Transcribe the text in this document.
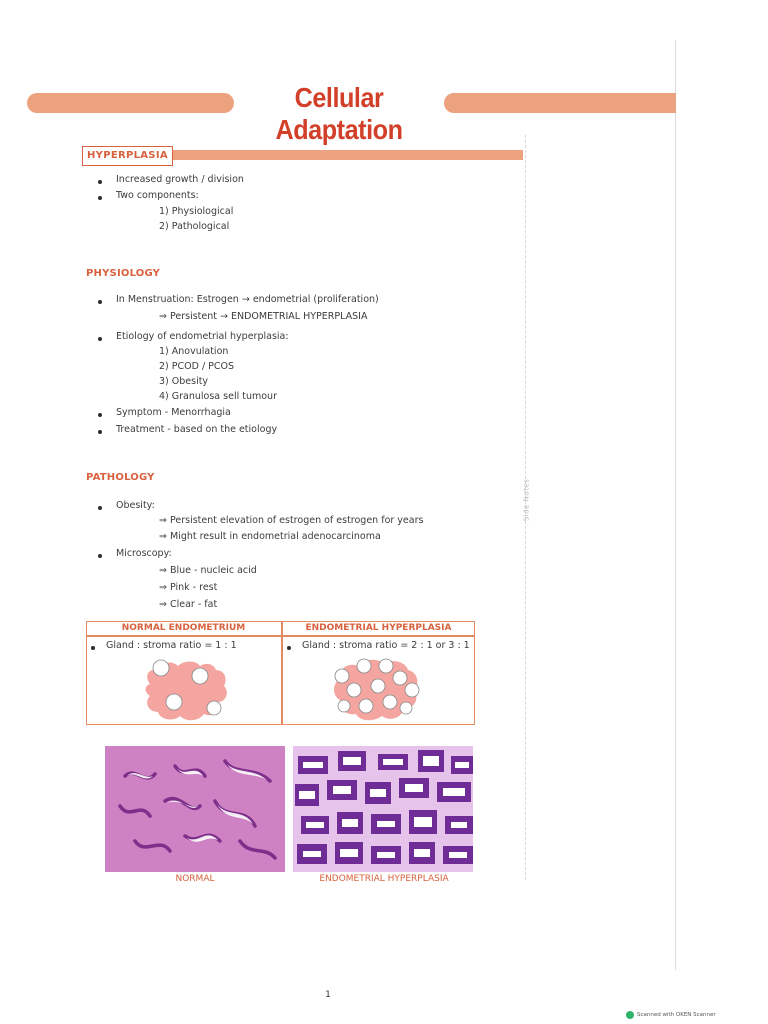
Side Notes
Cellular Adaptation
HYPERPLASIA
Increased growth / division
Two components:
1) Physiological
2) Pathological
PHYSIOLOGY
In Menstruation: Estrogen → endometrial (proliferation)
⇒ Persistent → ENDOMETRIAL HYPERPLASIA
Etiology of endometrial hyperplasia:
1) Anovulation
2) PCOD / PCOS
3) Obesity
4) Granulosa sell tumour
Symptom - Menorrhagia
Treatment - based on the etiology
PATHOLOGY
Obesity:
⇒ Persistent elevation of estrogen of estrogen for years
⇒ Might result in endometrial adenocarcinoma
Microscopy:
⇒ Blue - nucleic acid
⇒ Pink - rest
⇒ Clear - fat
NORMAL ENDOMETRIUM	ENDOMETRIAL HYPERPLASIA
Gland : stroma ratio = 1 : 1	Gland : stroma ratio = 2 : 1 or 3 : 1
NORMAL	ENDOMETRIAL HYPERPLASIA
1
Scanned with OKEN Scanner
